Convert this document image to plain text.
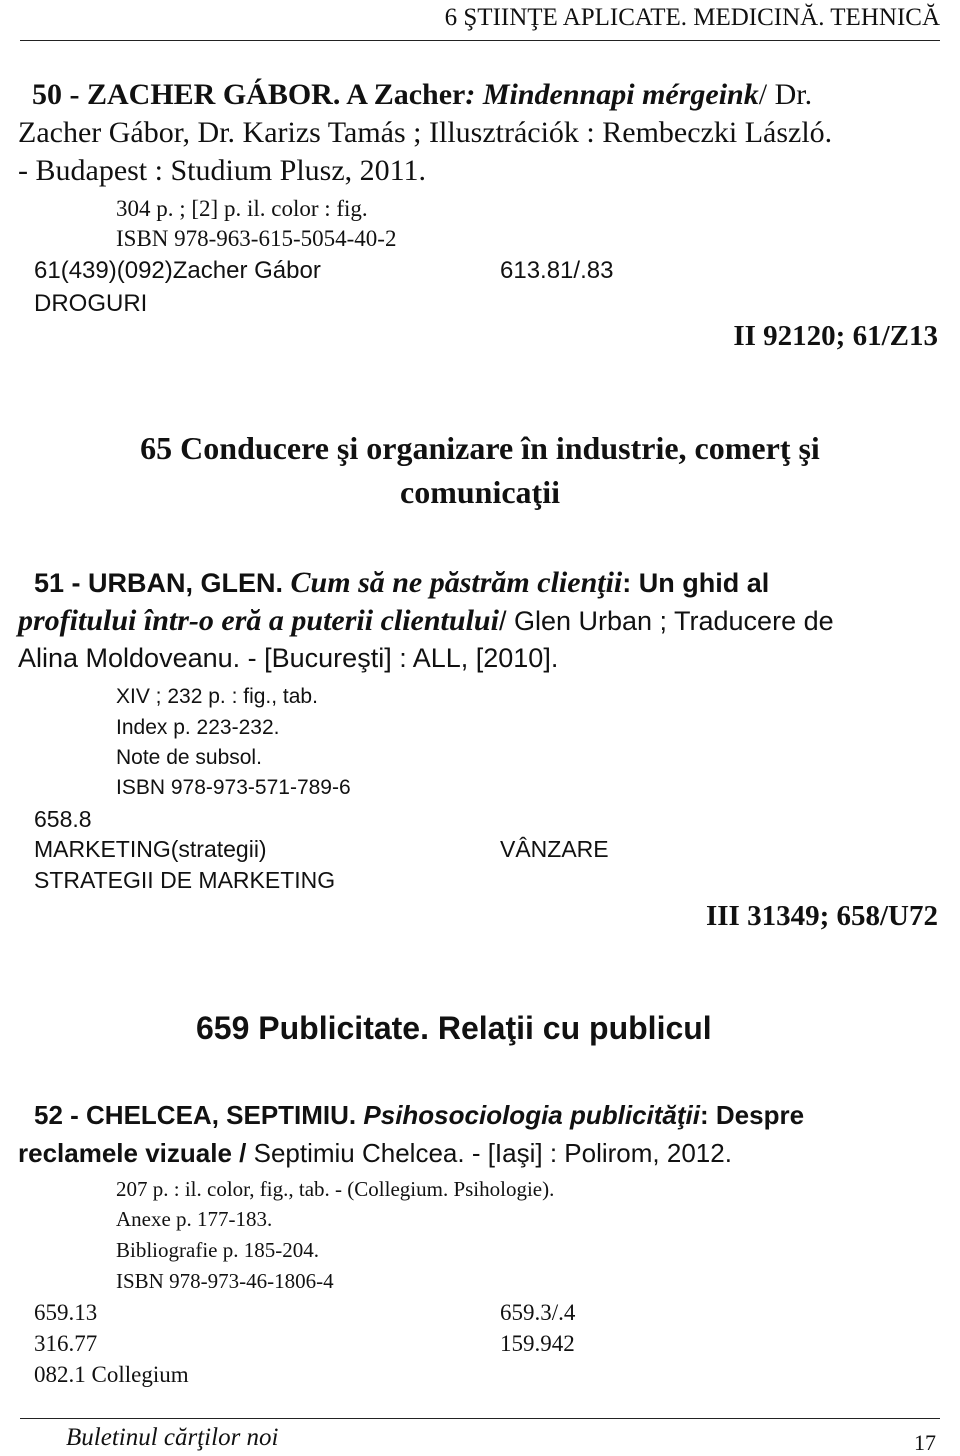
6 ŞTIINŢE APLICATE. MEDICINĂ. TEHNICĂ
50 - ZACHER GÁBOR. A Zacher: Mindennapi mérgeink/ Dr.
Zacher Gábor, Dr. Karizs Tamás ; Illusztrációk : Rembeczki László.
- Budapest : Studium Plusz, 2011.
304 p. ; [2] p. il. color : fig.
ISBN 978-963-615-5054-40-2
61(439)(092)Zacher Gábor	613.81/.83
DROGURI
II 92120; 61/Z13
65 Conducere şi organizare în industrie, comerţ şi
comunicaţii
51 - URBAN, GLEN. Cum să ne păstrăm clienţii: Un ghid al
profitului într-o eră a puterii clientului/ Glen Urban ; Traducere de
Alina Moldoveanu. - [Bucureşti] : ALL, [2010].
XIV ; 232 p. : fig., tab.
Index p. 223-232.
Note de subsol.
ISBN 978-973-571-789-6
658.8
MARKETING(strategii)	VÂNZARE
STRATEGII DE MARKETING
III 31349; 658/U72
659 Publicitate. Relaţii cu publicul
52 - CHELCEA, SEPTIMIU. Psihosociologia publicităţii: Despre
reclamele vizuale / Septimiu Chelcea. - [Iaşi] : Polirom, 2012.
207 p. : il. color, fig., tab. - (Collegium. Psihologie).
Anexe p. 177-183.
Bibliografie p. 185-204.
ISBN 978-973-46-1806-4
659.13	659.3/.4
316.77	159.942
082.1 Collegium
Buletinul cărţilor noi	17
